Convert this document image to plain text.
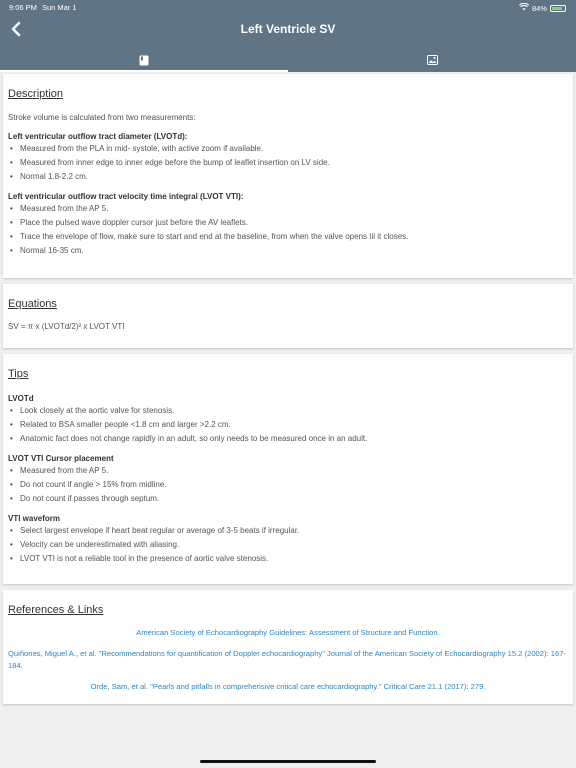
9:06 PM Sun Mar 1	84%
Left Ventricle SV
Description
Stroke volume is calculated from two measurements:
Left ventricular outflow tract diameter (LVOTd):
• Measured from the PLA in mid- systole, with active zoom if available.
• Measured from inner edge to inner edge before the bump of leaflet insertion on LV side.
• Normal 1.8-2.2 cm.
Left ventricular outflow tract velocity time integral (LVOT VTI):
• Measured from the AP 5.
• Place the pulsed wave doppler cursor just before the AV leaflets.
• Trace the envelope of flow, make sure to start and end at the baseline, from when the valve opens til it closes.
• Normal 16-35 cm.
Equations
SV = π x (LVOTd/2)² x LVOT VTI
Tips
LVOTd
• Look closely at the aortic valve for stenosis.
• Related to BSA smaller people <1.8 cm and larger >2.2 cm.
• Anatomic fact does not change rapidly in an adult, so only needs to be measured once in an adult.
LVOT VTI Cursor placement
• Measured from the AP 5.
• Do not count if angle > 15% from midline.
• Do not count if passes through septum.
VTI waveform
• Select largest envelope if heart beat regular or average of 3-5 beats if irregular.
• Velocity can be underestimated with aliasing.
• LVOT VTI is not a reliable tool in the presence of aortic valve stenosis.
References & Links
American Society of Echocardiography Guidelines: Assessment of Structure and Function.
Quiñones, Miguel A., et al. "Recommendations for quantification of Doppler echocardiography" Journal of the American Society of Echocardiography 15.2 (2002): 167-184.
Orde, Sam, et al. "Pearls and pitfalls in comprehensive critical care echocardiography." Critical Care 21.1 (2017): 279.
